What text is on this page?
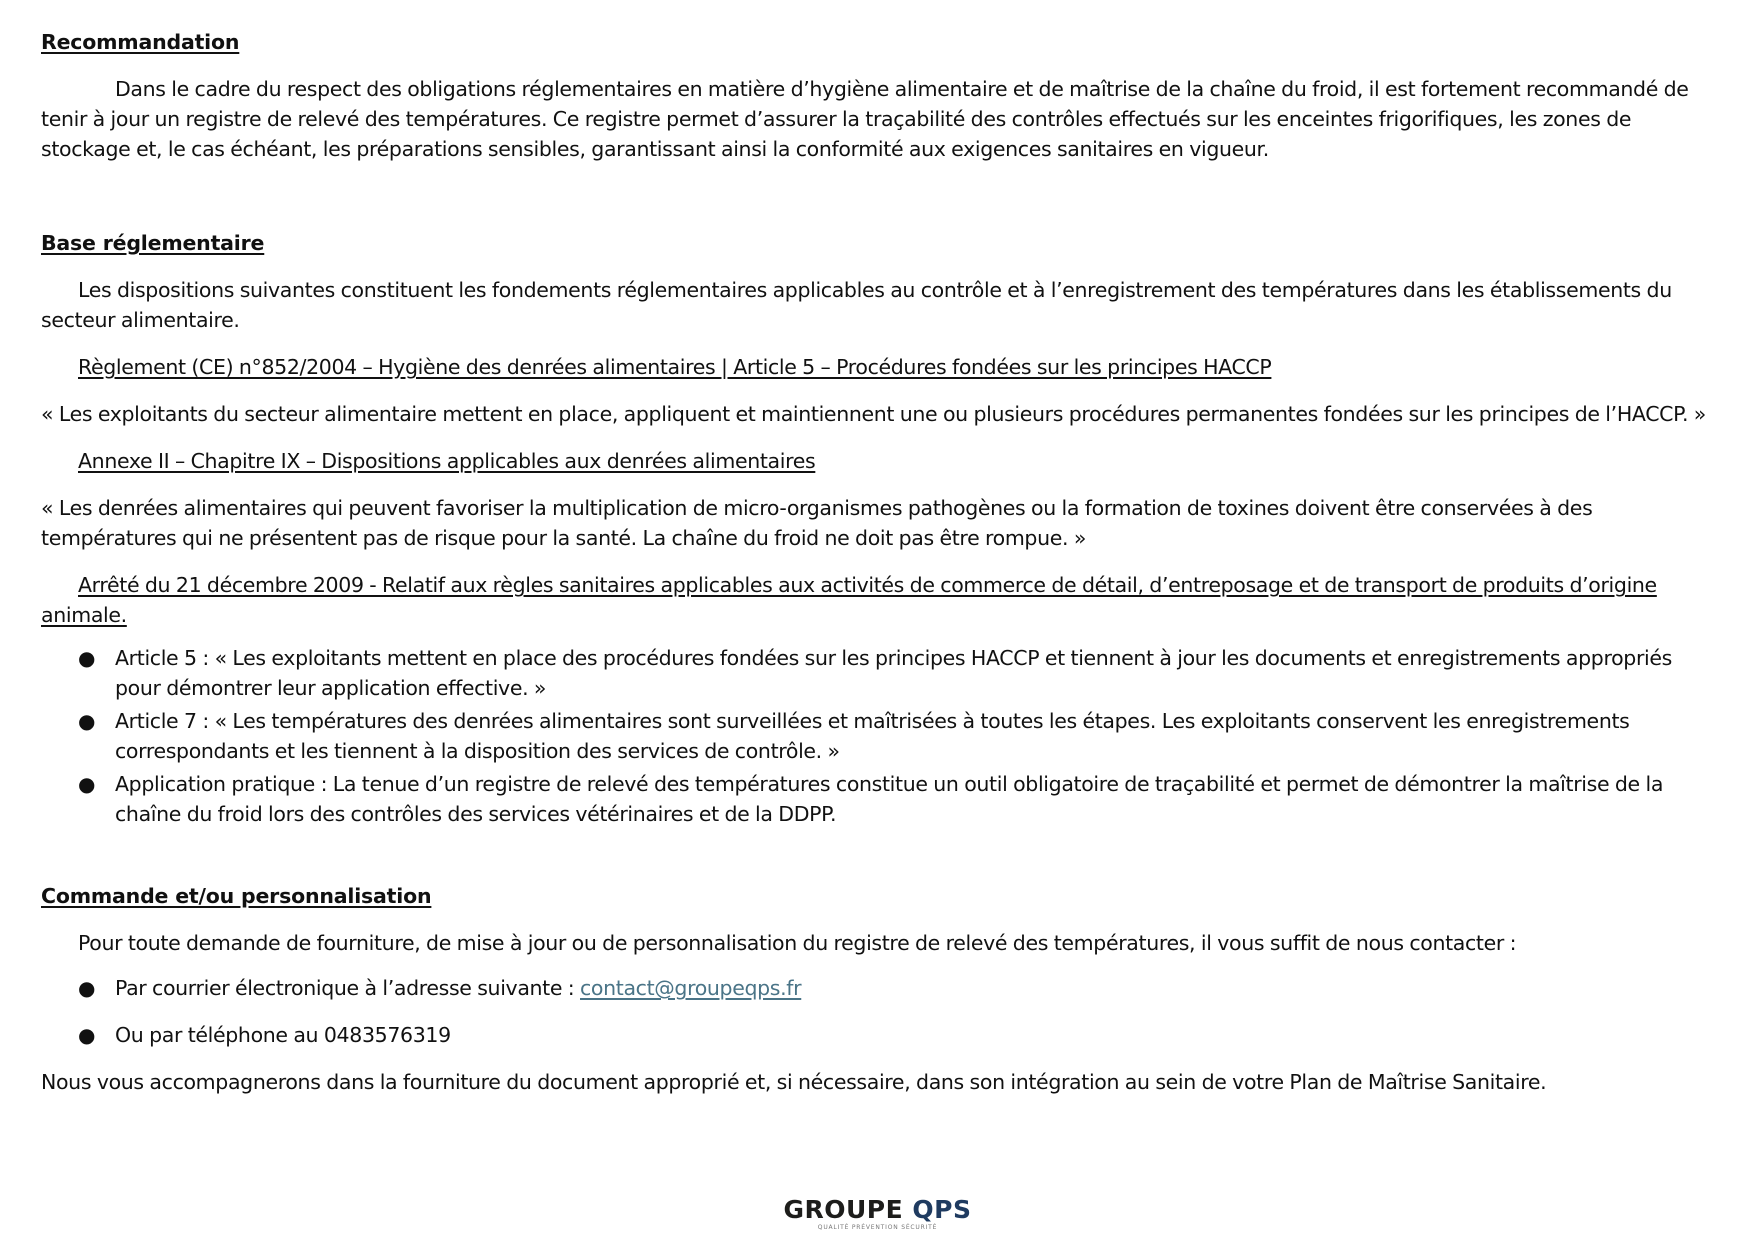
Recommandation

Dans le cadre du respect des obligations réglementaires en matière d’hygiène alimentaire et de maîtrise de la chaîne du froid, il est fortement recommandé de tenir à jour un registre de relevé des températures. Ce registre permet d’assurer la traçabilité des contrôles effectués sur les enceintes frigorifiques, les zones de stockage et, le cas échéant, les préparations sensibles, garantissant ainsi la conformité aux exigences sanitaires en vigueur.

Base réglementaire

Les dispositions suivantes constituent les fondements réglementaires applicables au contrôle et à l’enregistrement des températures dans les établissements du secteur alimentaire.

Règlement (CE) n°852/2004 – Hygiène des denrées alimentaires | Article 5 – Procédures fondées sur les principes HACCP

« Les exploitants du secteur alimentaire mettent en place, appliquent et maintiennent une ou plusieurs procédures permanentes fondées sur les principes de l’HACCP. »

Annexe II – Chapitre IX – Dispositions applicables aux denrées alimentaires

« Les denrées alimentaires qui peuvent favoriser la multiplication de micro-organismes pathogènes ou la formation de toxines doivent être conservées à des températures qui ne présentent pas de risque pour la santé. La chaîne du froid ne doit pas être rompue. »

Arrêté du 21 décembre 2009 - Relatif aux règles sanitaires applicables aux activités de commerce de détail, d’entreposage et de transport de produits d’origine animale.

● Article 5 : « Les exploitants mettent en place des procédures fondées sur les principes HACCP et tiennent à jour les documents et enregistrements appropriés pour démontrer leur application effective. »
● Article 7 : « Les températures des denrées alimentaires sont surveillées et maîtrisées à toutes les étapes. Les exploitants conservent les enregistrements correspondants et les tiennent à la disposition des services de contrôle. »
● Application pratique : La tenue d’un registre de relevé des températures constitue un outil obligatoire de traçabilité et permet de démontrer la maîtrise de la chaîne du froid lors des contrôles des services vétérinaires et de la DDPP.
Commande et/ou personnalisation

Pour toute demande de fourniture, de mise à jour ou de personnalisation du registre de relevé des températures, il vous suffit de nous contacter :

● Par courrier électronique à l’adresse suivante : contact@groupeqps.fr
● Ou par téléphone au 0483576319

Nous vous accompagnerons dans la fourniture du document approprié et, si nécessaire, dans son intégration au sein de votre Plan de Maîtrise Sanitaire.

GROUPE QPS
QUALITÉ PRÉVENTION SÉCURITÉ
